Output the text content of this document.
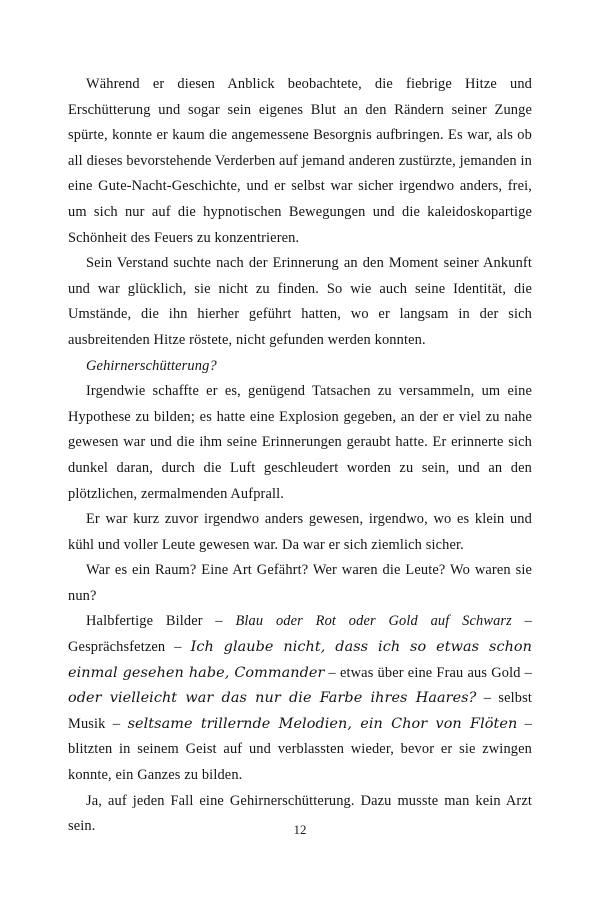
Während er diesen Anblick beobachtete, die fiebrige Hitze und Erschütterung und sogar sein eigenes Blut an den Rändern seiner Zunge spürte, konnte er kaum die angemessene Besorgnis aufbringen. Es war, als ob all dieses bevorstehende Verderben auf jemand anderen zustürzte, jemanden in eine Gute-Nacht-Geschichte, und er selbst war sicher irgendwo anders, frei, um sich nur auf die hypnotischen Bewegungen und die kaleidoskopartige Schönheit des Feuers zu konzentrieren.

Sein Verstand suchte nach der Erinnerung an den Moment seiner Ankunft und war glücklich, sie nicht zu finden. So wie auch seine Identität, die Umstände, die ihn hierher geführt hatten, wo er langsam in der sich ausbreitenden Hitze röstete, nicht gefunden werden konnten.

Gehirnerschütterung?

Irgendwie schaffte er es, genügend Tatsachen zu versammeln, um eine Hypothese zu bilden; es hatte eine Explosion gegeben, an der er viel zu nahe gewesen war und die ihm seine Erinnerungen geraubt hatte. Er erinnerte sich dunkel daran, durch die Luft geschleudert worden zu sein, und an den plötzlichen, zermalmenden Aufprall.

Er war kurz zuvor irgendwo anders gewesen, irgendwo, wo es klein und kühl und voller Leute gewesen war. Da war er sich ziemlich sicher.

War es ein Raum? Eine Art Gefährt? Wer waren die Leute? Wo waren sie nun?

Halbfertige Bilder – Blau oder Rot oder Gold auf Schwarz – Gesprächsfetzen – Ich glaube nicht, dass ich so etwas schon einmal gesehen habe, Commander – etwas über eine Frau aus Gold – oder vielleicht war das nur die Farbe ihres Haares? – selbst Musik – seltsame trillernde Melodien, ein Chor von Flöten – blitzten in seinem Geist auf und verblassten wieder, bevor er sie zwingen konnte, ein Ganzes zu bilden.

Ja, auf jeden Fall eine Gehirnerschütterung. Dazu musste man kein Arzt sein.	12
